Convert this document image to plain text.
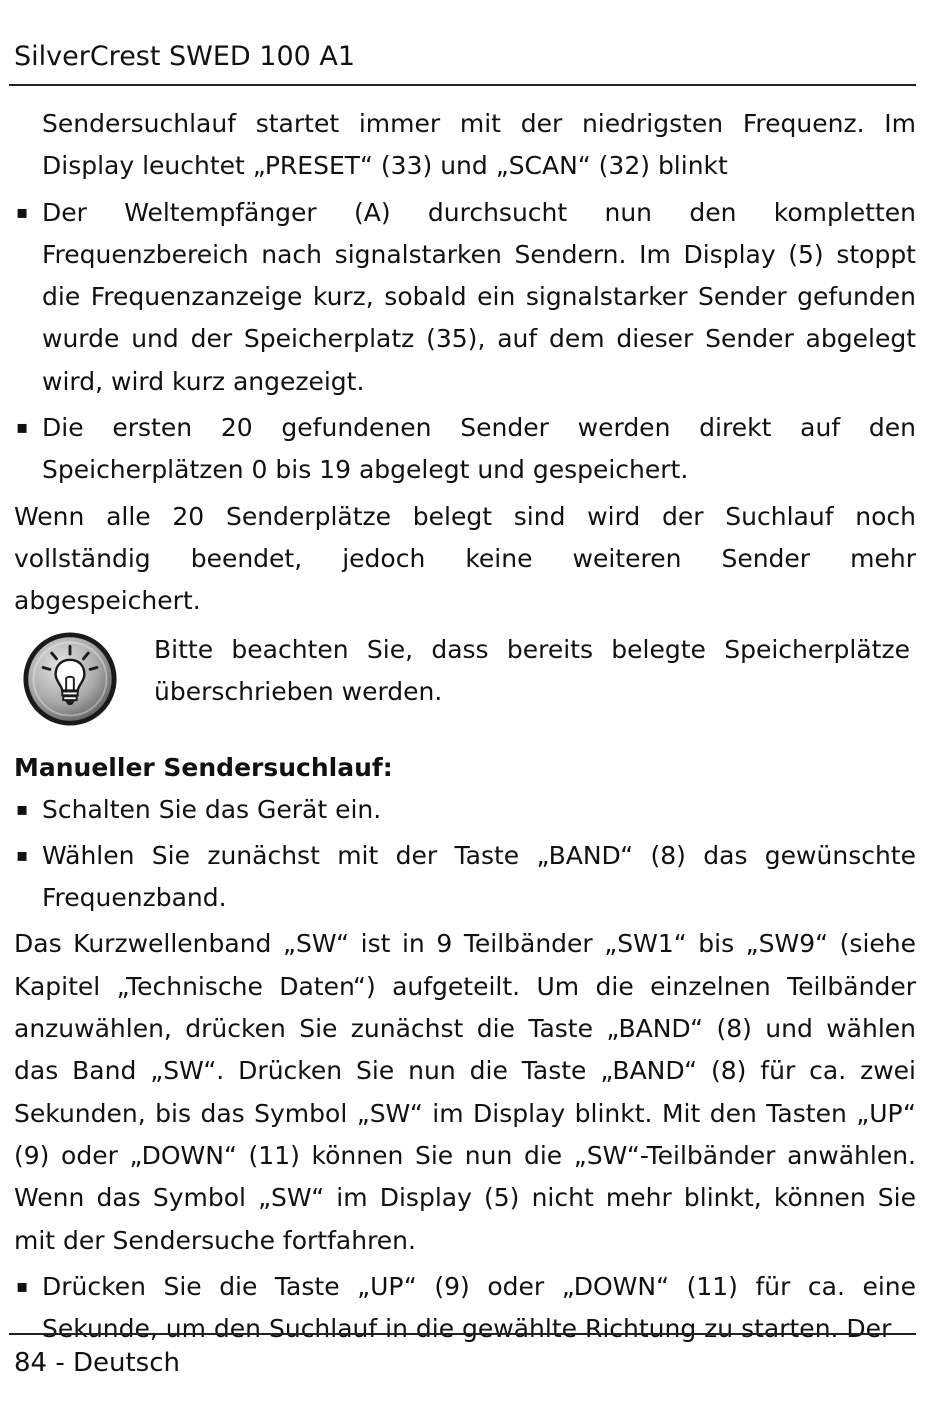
SilverCrest SWED 100 A1

Sendersuchlauf startet immer mit der niedrigsten Frequenz. Im Display leuchtet „PRESET“ (33) und „SCAN“ (32) blinkt

▪ Der Weltempfänger (A) durchsucht nun den kompletten Frequenzbereich nach signalstarken Sendern. Im Display (5) stoppt die Frequenzanzeige kurz, sobald ein signalstarker Sender gefunden wurde und der Speicherplatz (35), auf dem dieser Sender abgelegt wird, wird kurz angezeigt.
▪ Die ersten 20 gefundenen Sender werden direkt auf den Speicherplätzen 0 bis 19 abgelegt und gespeichert.

Wenn alle 20 Senderplätze belegt sind wird der Suchlauf noch vollständig beendet, jedoch keine weiteren Sender mehr abgespeichert.

Bitte beachten Sie, dass bereits belegte Speicherplätze überschrieben werden.
Manueller Sendersuchlauf:
▪ Schalten Sie das Gerät ein.
▪ Wählen Sie zunächst mit der Taste „BAND“ (8) das gewünschte Frequenzband.

Das Kurzwellenband „SW“ ist in 9 Teilbänder „SW1“ bis „SW9“ (siehe Kapitel „Technische Daten“) aufgeteilt. Um die einzelnen Teilbänder anzuwählen, drücken Sie zunächst die Taste „BAND“ (8) und wählen das Band „SW“. Drücken Sie nun die Taste „BAND“ (8) für ca. zwei Sekunden, bis das Symbol „SW“ im Display blinkt. Mit den Tasten „UP“ (9) oder „DOWN“ (11) können Sie nun die „SW“-Teilbänder anwählen. Wenn das Symbol „SW“ im Display (5) nicht mehr blinkt, können Sie mit der Sendersuche fortfahren.

▪ Drücken Sie die Taste „UP“ (9) oder „DOWN“ (11) für ca. eine Sekunde, um den Suchlauf in die gewählte Richtung zu starten. Der
84 - Deutsch
